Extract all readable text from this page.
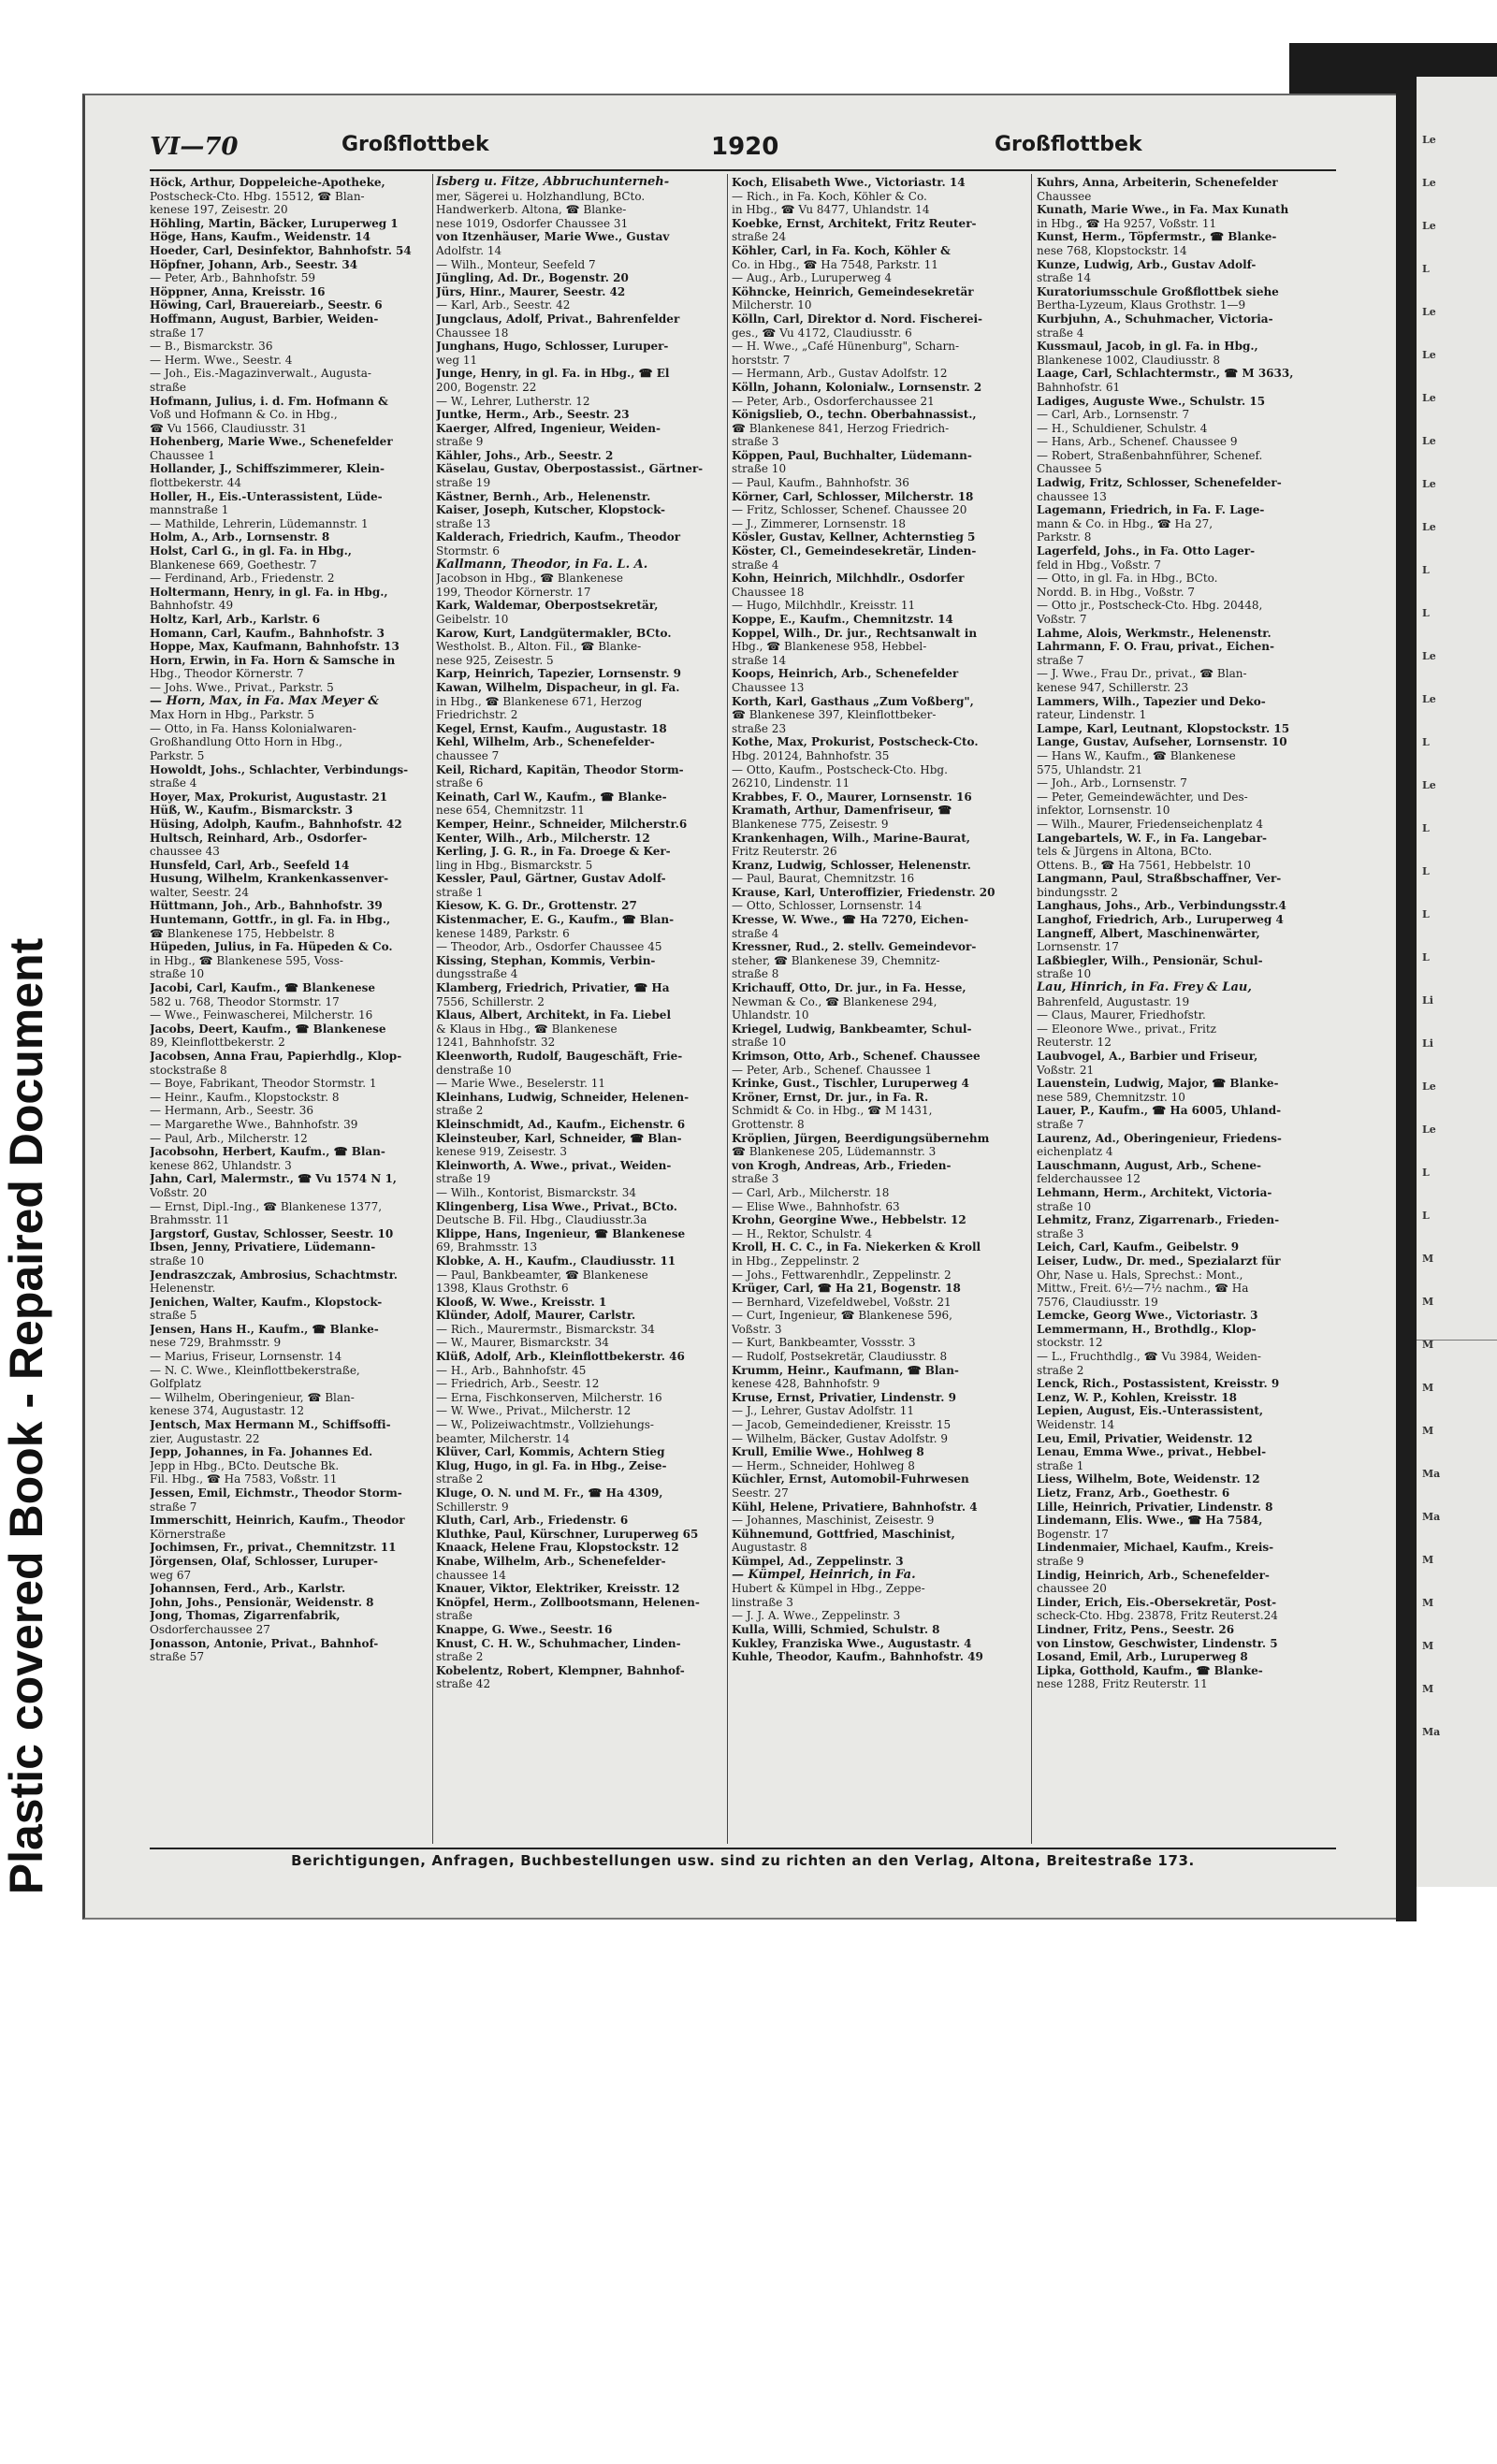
Plastic covered Book - Repaired Document
Le
Le
Le
L
Le
Le
Le
Le
Le
Le
L
L
Le
Le
L
Le
L
L
L
L
Li
Li
Le
Le
L
L
M
M
M
M
M
Ma
Ma
M
M
M
M
Ma
VI—70	Großflottbek	1920	Großflottbek
Höck, Arthur, Doppeleiche-Apotheke,
Postscheck-Cto. Hbg. 15512, ☎ Blan-
kenese 197, Zeisestr. 20
Höhling, Martin, Bäcker, Luruperweg 1
Höge, Hans, Kaufm., Weidenstr. 14
Hoeder, Carl, Desinfektor, Bahnhofstr. 54
Höpfner, Johann, Arb., Seestr. 34
— Peter, Arb., Bahnhofstr. 59
Höppner, Anna, Kreisstr. 16
Höwing, Carl, Brauereiarb., Seestr. 6
Hoffmann, August, Barbier, Weiden-
straße 17
— B., Bismarckstr. 36
— Herm. Wwe., Seestr. 4
— Joh., Eis.-Magazinverwalt., Augusta-
straße
Hofmann, Julius, i. d. Fm. Hofmann &
Voß und Hofmann & Co. in Hbg.,
☎ Vu 1566, Claudiusstr. 31
Hohenberg, Marie Wwe., Schenefelder
Chaussee 1
Hollander, J., Schiffszimmerer, Klein-
flottbekerstr. 44
Holler, H., Eis.-Unterassistent, Lüde-
mannstraße 1
— Mathilde, Lehrerin, Lüdemannstr. 1
Holm, A., Arb., Lornsenstr. 8
Holst, Carl G., in gl. Fa. in Hbg.,
Blankenese 669, Goethestr. 7
— Ferdinand, Arb., Friedenstr. 2
Holtermann, Henry, in gl. Fa. in Hbg.,
Bahnhofstr. 49
Holtz, Karl, Arb., Karlstr. 6
Homann, Carl, Kaufm., Bahnhofstr. 3
Hoppe, Max, Kaufmann, Bahnhofstr. 13
Horn, Erwin, in Fa. Horn & Samsche in
Hbg., Theodor Körnerstr. 7
— Johs. Wwe., Privat., Parkstr. 5
— Horn, Max, in Fa. Max Meyer &
Max Horn in Hbg., Parkstr. 5
— Otto, in Fa. Hanss Kolonialwaren-
Großhandlung Otto Horn in Hbg.,
Parkstr. 5
Howoldt, Johs., Schlachter, Verbindungs-
straße 4
Hoyer, Max, Prokurist, Augustastr. 21
Hüß, W., Kaufm., Bismarckstr. 3
Hüsing, Adolph, Kaufm., Bahnhofstr. 42
Hultsch, Reinhard, Arb., Osdorfer-
chaussee 43
Hunsfeld, Carl, Arb., Seefeld 14
Husung, Wilhelm, Krankenkassenver-
walter, Seestr. 24
Hüttmann, Joh., Arb., Bahnhofstr. 39
Huntemann, Gottfr., in gl. Fa. in Hbg.,
☎ Blankenese 175, Hebbelstr. 8
Hüpeden, Julius, in Fa. Hüpeden & Co.
in Hbg., ☎ Blankenese 595, Voss-
straße 10
Jacobi, Carl, Kaufm., ☎ Blankenese
582 u. 768, Theodor Stormstr. 17
— Wwe., Feinwascherei, Milcherstr. 16
Jacobs, Deert, Kaufm., ☎ Blankenese
89, Kleinflottbekerstr. 2
Jacobsen, Anna Frau, Papierhdlg., Klop-
stockstraße 8
— Boye, Fabrikant, Theodor Stormstr. 1
— Heinr., Kaufm., Klopstockstr. 8
— Hermann, Arb., Seestr. 36
— Margarethe Wwe., Bahnhofstr. 39
— Paul, Arb., Milcherstr. 12
Jacobsohn, Herbert, Kaufm., ☎ Blan-
kenese 862, Uhlandstr. 3
Jahn, Carl, Malermstr., ☎ Vu 1574 N 1,
Voßstr. 20
— Ernst, Dipl.-Ing., ☎ Blankenese 1377,
Brahmsstr. 11
Jargstorf, Gustav, Schlosser, Seestr. 10
Ibsen, Jenny, Privatiere, Lüdemann-
straße 10
Jendraszczak, Ambrosius, Schachtmstr.
Helenenstr.
Jenichen, Walter, Kaufm., Klopstock-
straße 5
Jensen, Hans H., Kaufm., ☎ Blanke-
nese 729, Brahmsstr. 9
— Marius, Friseur, Lornsenstr. 14
— N. C. Wwe., Kleinflottbekerstraße,
Golfplatz
— Wilhelm, Oberingenieur, ☎ Blan-
kenese 374, Augustastr. 12
Jentsch, Max Hermann M., Schiffsoffi-
zier, Augustastr. 22
Jepp, Johannes, in Fa. Johannes Ed.
Jepp in Hbg., BCto. Deutsche Bk.
Fil. Hbg., ☎ Ha 7583, Voßstr. 11
Jessen, Emil, Eichmstr., Theodor Storm-
straße 7
Immerschitt, Heinrich, Kaufm., Theodor
Körnerstraße
Jochimsen, Fr., privat., Chemnitzstr. 11
Jörgensen, Olaf, Schlosser, Luruper-
weg 67
Johannsen, Ferd., Arb., Karlstr.
John, Johs., Pensionär, Weidenstr. 8
Jong, Thomas, Zigarrenfabrik,
Osdorferchaussee 27
Jonasson, Antonie, Privat., Bahnhof-
straße 57
Isberg u. Fitze, Abbruchunterneh-
mer, Sägerei u. Holzhandlung, BCto.
Handwerkerb. Altona, ☎ Blanke-
nese 1019, Osdorfer Chaussee 31
von Itzenhäuser, Marie Wwe., Gustav
Adolfstr. 14
— Wilh., Monteur, Seefeld 7
Jüngling, Ad. Dr., Bogenstr. 20
Jürs, Hinr., Maurer, Seestr. 42
— Karl, Arb., Seestr. 42
Jungclaus, Adolf, Privat., Bahrenfelder
Chaussee 18
Junghans, Hugo, Schlosser, Luruper-
weg 11
Junge, Henry, in gl. Fa. in Hbg., ☎ El
200, Bogenstr. 22
— W., Lehrer, Lutherstr. 12
Juntke, Herm., Arb., Seestr. 23
Kaerger, Alfred, Ingenieur, Weiden-
straße 9
Kähler, Johs., Arb., Seestr. 2
Käselau, Gustav, Oberpostassist., Gärtner-
straße 19
Kästner, Bernh., Arb., Helenenstr.
Kaiser, Joseph, Kutscher, Klopstock-
straße 13
Kalderach, Friedrich, Kaufm., Theodor
Stormstr. 6
Kallmann, Theodor, in Fa. L. A.
Jacobson in Hbg., ☎ Blankenese
199, Theodor Körnerstr. 17
Kark, Waldemar, Oberpostsekretär,
Geibelstr. 10
Karow, Kurt, Landgütermakler, BCto.
Westholst. B., Alton. Fil., ☎ Blanke-
nese 925, Zeisestr. 5
Karp, Heinrich, Tapezier, Lornsenstr. 9
Kawan, Wilhelm, Dispacheur, in gl. Fa.
in Hbg., ☎ Blankenese 671, Herzog
Friedrichstr. 2
Kegel, Ernst, Kaufm., Augustastr. 18
Kehl, Wilhelm, Arb., Schenefelder-
chaussee 7
Keil, Richard, Kapitän, Theodor Storm-
straße 6
Keinath, Carl W., Kaufm., ☎ Blanke-
nese 654, Chemnitzstr. 11
Kemper, Heinr., Schneider, Milcherstr.6
Kenter, Wilh., Arb., Milcherstr. 12
Kerling, J. G. R., in Fa. Droege & Ker-
ling in Hbg., Bismarckstr. 5
Kessler, Paul, Gärtner, Gustav Adolf-
straße 1
Kiesow, K. G. Dr., Grottenstr. 27
Kistenmacher, E. G., Kaufm., ☎ Blan-
kenese 1489, Parkstr. 6
— Theodor, Arb., Osdorfer Chaussee 45
Kissing, Stephan, Kommis, Verbin-
dungsstraße 4
Klamberg, Friedrich, Privatier, ☎ Ha
7556, Schillerstr. 2
Klaus, Albert, Architekt, in Fa. Liebel
& Klaus in Hbg., ☎ Blankenese
1241, Bahnhofstr. 32
Kleenworth, Rudolf, Baugeschäft, Frie-
denstraße 10
— Marie Wwe., Beselerstr. 11
Kleinhans, Ludwig, Schneider, Helenen-
straße 2
Kleinschmidt, Ad., Kaufm., Eichenstr. 6
Kleinsteuber, Karl, Schneider, ☎ Blan-
kenese 919, Zeisestr. 3
Kleinworth, A. Wwe., privat., Weiden-
straße 19
— Wilh., Kontorist, Bismarckstr. 34
Klingenberg, Lisa Wwe., Privat., BCto.
Deutsche B. Fil. Hbg., Claudiusstr.3a
Klippe, Hans, Ingenieur, ☎ Blankenese
69, Brahmsstr. 13
Klobke, A. H., Kaufm., Claudiusstr. 11
— Paul, Bankbeamter, ☎ Blankenese
1398, Klaus Grothstr. 6
Klooß, W. Wwe., Kreisstr. 1
Klünder, Adolf, Maurer, Carlstr.
— Rich., Maurermstr., Bismarckstr. 34
— W., Maurer, Bismarckstr. 34
Klüß, Adolf, Arb., Kleinflottbekerstr. 46
— H., Arb., Bahnhofstr. 45
— Friedrich, Arb., Seestr. 12
— Erna, Fischkonserven, Milcherstr. 16
— W. Wwe., Privat., Milcherstr. 12
— W., Polizeiwachtmstr., Vollziehungs-
beamter, Milcherstr. 14
Klüver, Carl, Kommis, Achtern Stieg
Klug, Hugo, in gl. Fa. in Hbg., Zeise-
straße 2
Kluge, O. N. und M. Fr., ☎ Ha 4309,
Schillerstr. 9
Kluth, Carl, Arb., Friedenstr. 6
Kluthke, Paul, Kürschner, Luruperweg 65
Knaack, Helene Frau, Klopstockstr. 12
Knabe, Wilhelm, Arb., Schenefelder-
chaussee 14
Knauer, Viktor, Elektriker, Kreisstr. 12
Knöpfel, Herm., Zollbootsmann, Helenen-
straße
Knappe, G. Wwe., Seestr. 16
Knust, C. H. W., Schuhmacher, Linden-
straße 2
Kobelentz, Robert, Klempner, Bahnhof-
straße 42
Koch, Elisabeth Wwe., Victoriastr. 14
— Rich., in Fa. Koch, Köhler & Co.
in Hbg., ☎ Vu 8477, Uhlandstr. 14
Koebke, Ernst, Architekt, Fritz Reuter-
straße 24
Köhler, Carl, in Fa. Koch, Köhler &
Co. in Hbg., ☎ Ha 7548, Parkstr. 11
— Aug., Arb., Luruperweg 4
Köhncke, Heinrich, Gemeindesekretär
Milcherstr. 10
Kölln, Carl, Direktor d. Nord. Fischerei-
ges., ☎ Vu 4172, Claudiusstr. 6
— H. Wwe., „Café Hünenburg", Scharn-
horststr. 7
— Hermann, Arb., Gustav Adolfstr. 12
Kölln, Johann, Kolonialw., Lornsenstr. 2
— Peter, Arb., Osdorferchaussee 21
Königslieb, O., techn. Oberbahnassist.,
☎ Blankenese 841, Herzog Friedrich-
straße 3
Köppen, Paul, Buchhalter, Lüdemann-
straße 10
— Paul, Kaufm., Bahnhofstr. 36
Körner, Carl, Schlosser, Milcherstr. 18
— Fritz, Schlosser, Schenef. Chaussee 20
— J., Zimmerer, Lornsenstr. 18
Kösler, Gustav, Kellner, Achternstieg 5
Köster, Cl., Gemeindesekretär, Linden-
straße 4
Kohn, Heinrich, Milchhdlr., Osdorfer
Chaussee 18
— Hugo, Milchhdlr., Kreisstr. 11
Koppe, E., Kaufm., Chemnitzstr. 14
Koppel, Wilh., Dr. jur., Rechtsanwalt in
Hbg., ☎ Blankenese 958, Hebbel-
straße 14
Koops, Heinrich, Arb., Schenefelder
Chaussee 13
Korth, Karl, Gasthaus „Zum Voßberg",
☎ Blankenese 397, Kleinflottbeker-
straße 23
Kothe, Max, Prokurist, Postscheck-Cto.
Hbg. 20124, Bahnhofstr. 35
— Otto, Kaufm., Postscheck-Cto. Hbg.
26210, Lindenstr. 11
Krabbes, F. O., Maurer, Lornsenstr. 16
Kramath, Arthur, Damenfriseur, ☎
Blankenese 775, Zeisestr. 9
Krankenhagen, Wilh., Marine-Baurat,
Fritz Reuterstr. 26
Kranz, Ludwig, Schlosser, Helenenstr.
— Paul, Baurat, Chemnitzstr. 16
Krause, Karl, Unteroffizier, Friedenstr. 20
— Otto, Schlosser, Lornsenstr. 14
Kresse, W. Wwe., ☎ Ha 7270, Eichen-
straße 4
Kressner, Rud., 2. stellv. Gemeindevor-
steher, ☎ Blankenese 39, Chemnitz-
straße 8
Krichauff, Otto, Dr. jur., in Fa. Hesse,
Newman & Co., ☎ Blankenese 294,
Uhlandstr. 10
Kriegel, Ludwig, Bankbeamter, Schul-
straße 10
Krimson, Otto, Arb., Schenef. Chaussee
— Peter, Arb., Schenef. Chaussee 1
Krinke, Gust., Tischler, Luruperweg 4
Kröner, Ernst, Dr. jur., in Fa. R.
Schmidt & Co. in Hbg., ☎ M 1431,
Grottenstr. 8
Kröplien, Jürgen, Beerdigungsübernehm
☎ Blankenese 205, Lüdemannstr. 3
von Krogh, Andreas, Arb., Frieden-
straße 3
— Carl, Arb., Milcherstr. 18
— Elise Wwe., Bahnhofstr. 63
Krohn, Georgine Wwe., Hebbelstr. 12
— H., Rektor, Schulstr. 4
Kroll, H. C. C., in Fa. Niekerken & Kroll
in Hbg., Zeppelinstr. 2
— Johs., Fettwarenhdlr., Zeppelinstr. 2
Krüger, Carl, ☎ Ha 21, Bogenstr. 18
— Bernhard, Vizefeldwebel, Voßstr. 21
— Curt, Ingenieur, ☎ Blankenese 596,
Voßstr. 3
— Kurt, Bankbeamter, Vossstr. 3
— Rudolf, Postsekretär, Claudiusstr. 8
Krumm, Heinr., Kaufmann, ☎ Blan-
kenese 428, Bahnhofstr. 9
Kruse, Ernst, Privatier, Lindenstr. 9
— J., Lehrer, Gustav Adolfstr. 11
— Jacob, Gemeindediener, Kreisstr. 15
— Wilhelm, Bäcker, Gustav Adolfstr. 9
Krull, Emilie Wwe., Hohlweg 8
— Herm., Schneider, Hohlweg 8
Küchler, Ernst, Automobil-Fuhrwesen
Seestr. 27
Kühl, Helene, Privatiere, Bahnhofstr. 4
— Johannes, Maschinist, Zeisestr. 9
Kühnemund, Gottfried, Maschinist,
Augustastr. 8
Kümpel, Ad., Zeppelinstr. 3
— Kümpel, Heinrich, in Fa.
Hubert & Kümpel in Hbg., Zeppe-
linstraße 3
— J. J. A. Wwe., Zeppelinstr. 3
Kulla, Willi, Schmied, Schulstr. 8
Kukley, Franziska Wwe., Augustastr. 4
Kuhle, Theodor, Kaufm., Bahnhofstr. 49
Kuhrs, Anna, Arbeiterin, Schenefelder
Chaussee
Kunath, Marie Wwe., in Fa. Max Kunath
in Hbg., ☎ Ha 9257, Voßstr. 11
Kunst, Herm., Töpfermstr., ☎ Blanke-
nese 768, Klopstockstr. 14
Kunze, Ludwig, Arb., Gustav Adolf-
straße 14
Kuratoriumsschule Großflottbek siehe
Bertha-Lyzeum, Klaus Grothstr. 1—9
Kurbjuhn, A., Schuhmacher, Victoria-
straße 4
Kussmaul, Jacob, in gl. Fa. in Hbg.,
Blankenese 1002, Claudiusstr. 8
Laage, Carl, Schlachtermstr., ☎ M 3633,
Bahnhofstr. 61
Ladiges, Auguste Wwe., Schulstr. 15
— Carl, Arb., Lornsenstr. 7
— H., Schuldiener, Schulstr. 4
— Hans, Arb., Schenef. Chaussee 9
— Robert, Straßenbahnführer, Schenef.
Chaussee 5
Ladwig, Fritz, Schlosser, Schenefelder-
chaussee 13
Lagemann, Friedrich, in Fa. F. Lage-
mann & Co. in Hbg., ☎ Ha 27,
Parkstr. 8
Lagerfeld, Johs., in Fa. Otto Lager-
feld in Hbg., Voßstr. 7
— Otto, in gl. Fa. in Hbg., BCto.
Nordd. B. in Hbg., Voßstr. 7
— Otto jr., Postscheck-Cto. Hbg. 20448,
Voßstr. 7
Lahme, Alois, Werkmstr., Helenenstr.
Lahrmann, F. O. Frau, privat., Eichen-
straße 7
— J. Wwe., Frau Dr., privat., ☎ Blan-
kenese 947, Schillerstr. 23
Lammers, Wilh., Tapezier und Deko-
rateur, Lindenstr. 1
Lampe, Karl, Leutnant, Klopstockstr. 15
Lange, Gustav, Aufseher, Lornsenstr. 10
— Hans W., Kaufm., ☎ Blankenese
575, Uhlandstr. 21
— Joh., Arb., Lornsenstr. 7
— Peter, Gemeindewächter, und Des-
infektor, Lornsenstr. 10
— Wilh., Maurer, Friedenseichenplatz 4
Langebartels, W. F., in Fa. Langebar-
tels & Jürgens in Altona, BCto.
Ottens. B., ☎ Ha 7561, Hebbelstr. 10
Langmann, Paul, Straßbschaffner, Ver-
bindungsstr. 2
Langhaus, Johs., Arb., Verbindungsstr.4
Langhof, Friedrich, Arb., Luruperweg 4
Langneff, Albert, Maschinenwärter,
Lornsenstr. 17
Laßbiegler, Wilh., Pensionär, Schul-
straße 10
Lau, Hinrich, in Fa. Frey & Lau,
Bahrenfeld, Augustastr. 19
— Claus, Maurer, Friedhofstr.
— Eleonore Wwe., privat., Fritz
Reuterstr. 12
Laubvogel, A., Barbier und Friseur,
Voßstr. 21
Lauenstein, Ludwig, Major, ☎ Blanke-
nese 589, Chemnitzstr. 10
Lauer, P., Kaufm., ☎ Ha 6005, Uhland-
straße 7
Laurenz, Ad., Oberingenieur, Friedens-
eichenplatz 4
Lauschmann, August, Arb., Schene-
felderchaussee 12
Lehmann, Herm., Architekt, Victoria-
straße 10
Lehmitz, Franz, Zigarrenarb., Frieden-
straße 3
Leich, Carl, Kaufm., Geibelstr. 9
Leiser, Ludw., Dr. med., Spezialarzt für
Ohr, Nase u. Hals, Sprechst.: Mont.,
Mittw., Freit. 6½—7½ nachm., ☎ Ha
7576, Claudiusstr. 19
Lemcke, Georg Wwe., Victoriastr. 3
Lemmermann, H., Brothdlg., Klop-
stockstr. 12
— L., Fruchthdlg., ☎ Vu 3984, Weiden-
straße 2
Lenck, Rich., Postassistent, Kreisstr. 9
Lenz, W. P., Kohlen, Kreisstr. 18
Lepien, August, Eis.-Unterassistent,
Weidenstr. 14
Leu, Emil, Privatier, Weidenstr. 12
Lenau, Emma Wwe., privat., Hebbel-
straße 1
Liess, Wilhelm, Bote, Weidenstr. 12
Lietz, Franz, Arb., Goethestr. 6
Lille, Heinrich, Privatier, Lindenstr. 8
Lindemann, Elis. Wwe., ☎ Ha 7584,
Bogenstr. 17
Lindenmaier, Michael, Kaufm., Kreis-
straße 9
Lindig, Heinrich, Arb., Schenefelder-
chaussee 20
Linder, Erich, Eis.-Obersekretär, Post-
scheck-Cto. Hbg. 23878, Fritz Reuterst.24
Lindner, Fritz, Pens., Seestr. 26
von Linstow, Geschwister, Lindenstr. 5
Losand, Emil, Arb., Luruperweg 8
Lipka, Gotthold, Kaufm., ☎ Blanke-
nese 1288, Fritz Reuterstr. 11
Berichtigungen, Anfragen, Buchbestellungen usw. sind zu richten an den Verlag, Altona, Breitestraße 173.
